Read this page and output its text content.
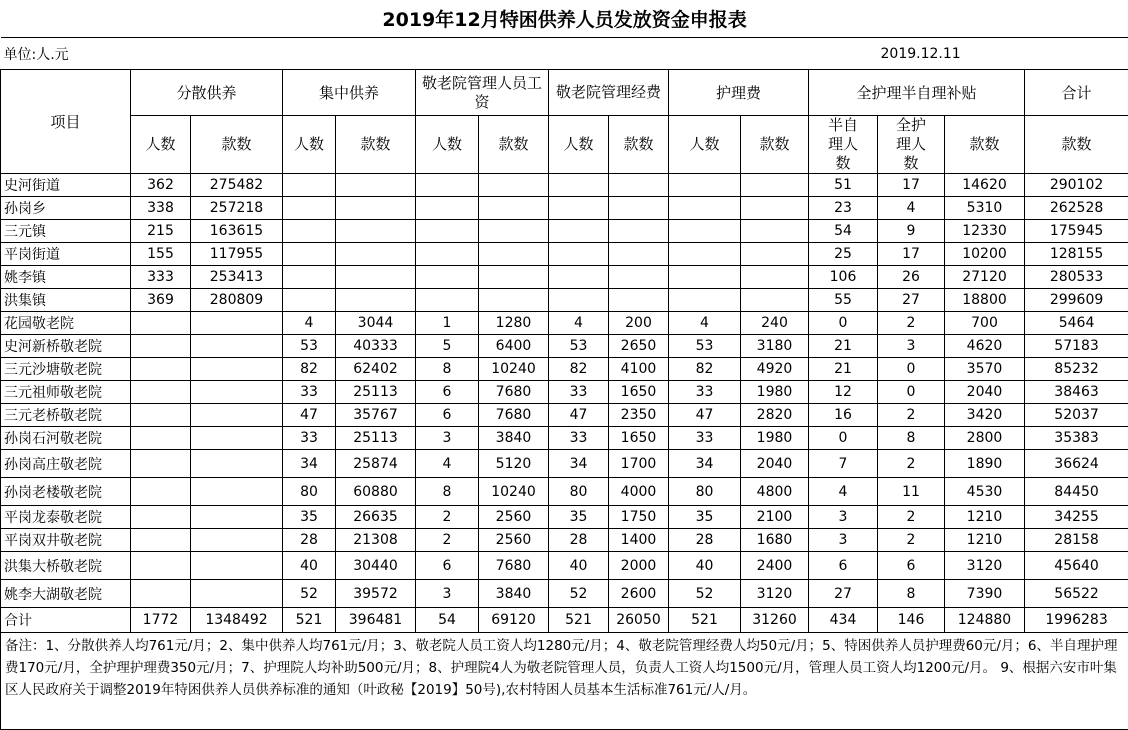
2019年12月特困供养人员发放资金申报表														
单位:人.元												2019.12.11		
项目	分散供养		集中供养		敬老院管理人员工资		敬老院管理经费		护理费		全护理半自理补贴			合计
	人数	款数	人数	款数	人数	款数	人数	款数	人数	款数	半自理人数	全护理人数	款数	款数
史河街道	362	275482									51	17	14620	290102
孙岗乡	338	257218									23	4	5310	262528
三元镇	215	163615									54	9	12330	175945
平岗街道	155	117955									25	17	10200	128155
姚李镇	333	253413									106	26	27120	280533
洪集镇	369	280809									55	27	18800	299609
花园敬老院			4	3044	1	1280	4	200	4	240	0	2	700	5464
史河新桥敬老院			53	40333	5	6400	53	2650	53	3180	21	3	4620	57183
三元沙塘敬老院			82	62402	8	10240	82	4100	82	4920	21	0	3570	85232
三元祖师敬老院			33	25113	6	7680	33	1650	33	1980	12	0	2040	38463
三元老桥敬老院			47	35767	6	7680	47	2350	47	2820	16	2	3420	52037
孙岗石河敬老院			33	25113	3	3840	33	1650	33	1980	0	8	2800	35383
孙岗高庄敬老院			34	25874	4	5120	34	1700	34	2040	7	2	1890	36624
孙岗老楼敬老院			80	60880	8	10240	80	4000	80	4800	4	11	4530	84450
平岗龙泰敬老院			35	26635	2	2560	35	1750	35	2100	3	2	1210	34255
平岗双井敬老院			28	21308	2	2560	28	1400	28	1680	3	2	1210	28158
洪集大桥敬老院			40	30440	6	7680	40	2000	40	2400	6	6	3120	45640
姚李大湖敬老院			52	39572	3	3840	52	2600	52	3120	27	8	7390	56522
合计	1772	1348492	521	396481	54	69120	521	26050	521	31260	434	146	124880	1996283
备注：1、分散供养人均761元/月；2、集中供养人均761元/月；3、敬老院人员工资人均1280元/月；4、敬老院管理经费人均50元/月；5、特困供养人员护理费60元/月；6、半自理护理费170元/月，全护理护理费350元/月；7、护理院人均补助500元/月；8、护理院4人为敬老院管理人员，负责人工资人均1500元/月，管理人员工资人均1200元/月。 9、根据六安市叶集区人民政府关于调整2019年特困供养人员供养标准的通知（叶政秘【2019】50号),农村特困人员基本生活标准761元/人/月。														
